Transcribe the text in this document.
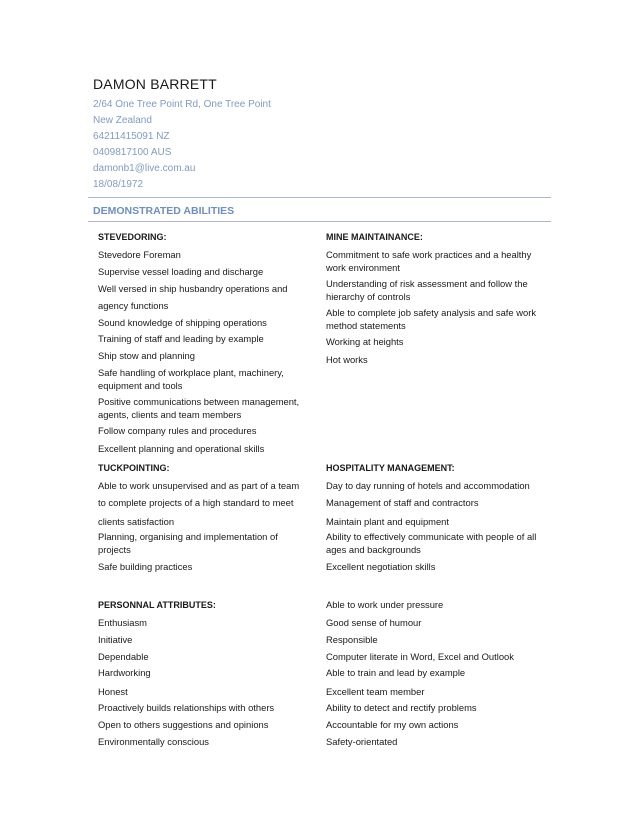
DAMON BARRETT
2/64 One Tree Point Rd, One Tree Point
New Zealand
64211415091 NZ
0409817100 AUS
damonb1@live.com.au
18/08/1972
DEMONSTRATED ABILITIES
STEVEDORING:
Stevedore Foreman
Supervise vessel loading and discharge
Well versed in ship husbandry operations and
agency functions
Sound knowledge of shipping operations
Training of staff and leading by example
Ship stow and planning
Safe handling of workplace plant, machinery, equipment and tools
Positive communications between management, agents, clients and team members
Follow company rules and procedures
Excellent planning and operational skills
MINE MAINTAINANCE:
Commitment to safe work practices and a healthy work environment
Understanding of risk assessment and follow the hierarchy of controls
Able to complete job safety analysis and safe work method statements
Working at heights
Hot works
TUCKPOINTING:
Able to work unsupervised and as part of a team
to complete projects of a high standard to meet
clients satisfaction
Planning, organising and implementation of projects
Safe building practices
HOSPITALITY MANAGEMENT:
Day to day running of hotels and accommodation
Management of staff and contractors
Maintain plant and equipment
Ability to effectively communicate with people of all ages and backgrounds
Excellent negotiation skills
PERSONNAL ATTRIBUTES:
Enthusiasm
Initiative
Dependable
Hardworking
Honest
Proactively builds relationships with others
Open to others suggestions and opinions
Environmentally conscious
Able to work under pressure
Good sense of humour
Responsible
Computer literate in Word, Excel and Outlook
Able to train and lead by example
Excellent team member
Ability to detect and rectify problems
Accountable for my own actions
Safety-orientated
